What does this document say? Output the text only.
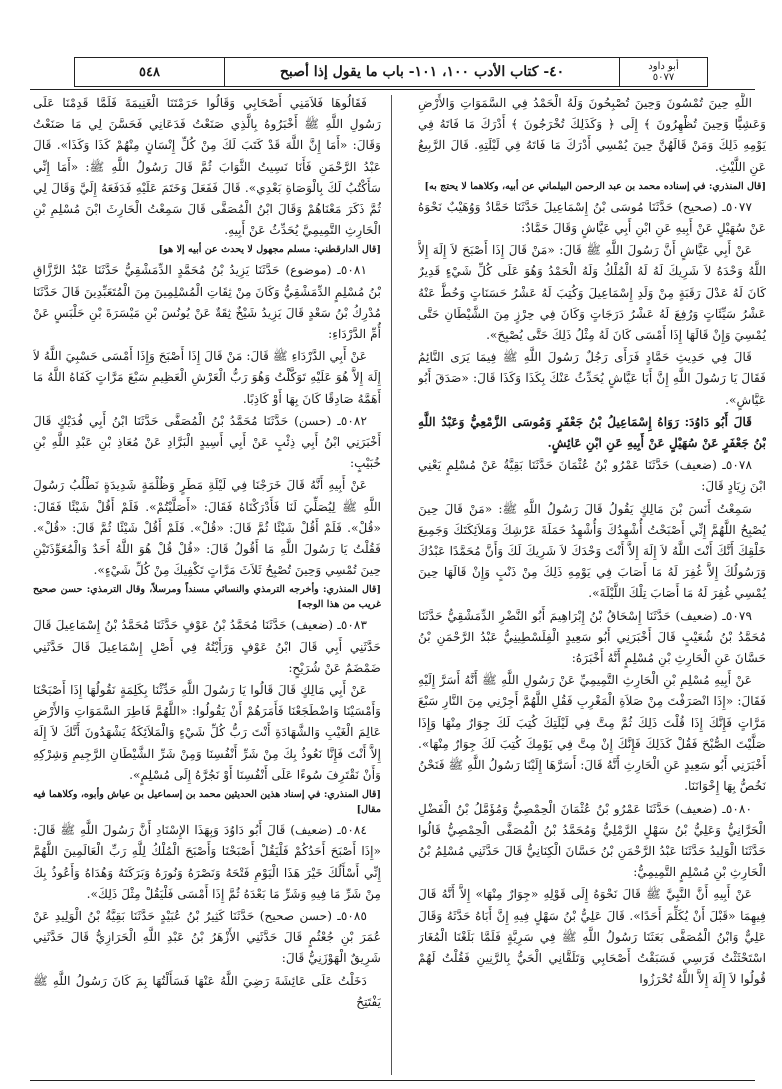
أبو داود
٥٠٧٧
٤٠- كتاب الأدب ١٠٠، ١٠١- باب ما يقول إذا أصبح
٥٤٨

اللَّهِ حِينَ تُمْسُونَ وَحِينَ تُصْبِحُونَ وَلَهُ الْحَمْدُ فِي السَّمَوَاتِ وَالأَرْضِ وَعَشِيًّا وَحِينَ تُظْهِرُونَ ﴾ إِلَى ﴿ وَكَذَلِكَ تُخْرَجُونَ ﴾ أَدْرَكَ مَا فَاتَهُ فِي يَوْمِهِ ذَلِكَ وَمَنْ قَالَهُنَّ حِينَ يُمْسِي أَدْرَكَ مَا فَاتَهُ فِي لَيْلَتِهِ. قَالَ الرَّبِيعُ عَنِ اللَّيْثِ.

[قال المنذري: في إسناده محمد بن عبد الرحمن البيلماني عن أبيه، وكلاهما لا يحتج به]

٥٠٧٧ـ (صحيح) حَدَّثَنَا مُوسَى بْنُ إِسْمَاعِيلَ حَدَّثَنَا حَمَّادٌ وَوُهَيْبٌ نَحْوَهُ عَنْ سُهَيْلٍ عَنْ أَبِيهِ عَنِ ابْنِ أَبِي عَيَّاشٍ وَقَالَ حَمَّادٌ:

عَنْ أَبِي عَيَّاشٍ أَنَّ رَسُولَ اللَّهِ ﷺ قَالَ: «مَنْ قَالَ إِذَا أَصْبَحَ لاَ إِلَهَ إِلاَّ اللَّهُ وَحْدَهُ لاَ شَرِيكَ لَهُ لَهُ الْمُلْكُ وَلَهُ الْحَمْدُ وَهُوَ عَلَى كُلِّ شَيْءٍ قَدِيرٌ كَانَ لَهُ عَدْلَ رَقَبَةٍ مِنْ وَلَدِ إِسْمَاعِيلَ وَكُتِبَ لَهُ عَشْرُ حَسَنَاتٍ وَحُطَّ عَنْهُ عَشْرُ سَيِّئَاتٍ وَرُفِعَ لَهُ عَشْرُ دَرَجَاتٍ وَكَانَ فِي حِرْزٍ مِنَ الشَّيْطَانِ حَتَّى يُمْسِيَ وَإِنْ قَالَهَا إِذَا أَمْسَى كَانَ لَهُ مِثْلُ ذَلِكَ حَتَّى يُصْبِحَ».

قَالَ فِي حَدِيثِ حَمَّادٍ فَرَأَى رَجُلٌ رَسُولَ اللَّهِ ﷺ فِيمَا يَرَى النَّائِمُ فَقَالَ يَا رَسُولَ اللَّهِ إِنَّ أَبَا عَيَّاشٍ يُحَدِّثُ عَنْكَ بِكَذَا وَكَذَا قَالَ: «صَدَقَ أَبُو عَيَّاشٍ».

قَالَ أَبُو دَاوُدَ: رَوَاهُ إِسْمَاعِيلُ بْنُ جَعْفَرٍ وَمُوسَى الزَّمْعِيُّ وَعَبْدُ اللَّهِ بْنُ جَعْفَرٍ عَنْ سُهَيْلٍ عَنْ أَبِيهِ عَنِ ابْنِ عَائِشٍ.

٥٠٧٨ـ (ضعيف) حَدَّثَنَا عَمْرُو بْنُ عُثْمَانَ حَدَّثَنَا بَقِيَّةُ عَنْ مُسْلِمٍ يَعْنِي ابْنَ زِيَادٍ قَالَ:

سَمِعْتُ أَنَسَ بْنَ مَالِكٍ يَقُولُ قَالَ رَسُولُ اللَّهِ ﷺ: «مَنْ قَالَ حِينَ يُصْبِحُ اللَّهُمَّ إِنِّي أَصْبَحْتُ أُشْهِدُكَ وَأُشْهِدُ حَمَلَةَ عَرْشِكَ وَمَلاَئِكَتَكَ وَجَمِيعَ خَلْقِكَ أَنَّكَ أَنْتَ اللَّهُ لاَ إِلَهَ إِلاَّ أَنْتَ وَحْدَكَ لاَ شَرِيكَ لَكَ وَأَنَّ مُحَمَّدًا عَبْدُكَ وَرَسُولُكَ إِلاَّ غُفِرَ لَهُ مَا أَصَابَ فِي يَوْمِهِ ذَلِكَ مِنْ ذَنْبٍ وَإِنْ قَالَهَا حِينَ يُمْسِي غُفِرَ لَهُ مَا أَصَابَ تِلْكَ اللَّيْلَةَ».

٥٠٧٩ـ (ضعيف) حَدَّثَنَا إِسْحَاقُ بْنُ إِبْرَاهِيمَ أَبُو النَّضْرِ الدِّمَشْقِيُّ حَدَّثَنَا مُحَمَّدُ بْنُ شُعَيْبٍ قَالَ أَخْبَرَنِي أَبُو سَعِيدٍ الْفِلَسْطِينِيُّ عَبْدُ الرَّحْمَنِ بْنُ حَسَّانَ عَنِ الْحَارِثِ بْنِ مُسْلِمٍ أَنَّهُ أَخْبَرَهُ:

عَنْ أَبِيهِ مُسْلِمِ بْنِ الْحَارِثِ التَّمِيمِيِّ عَنْ رَسُولِ اللَّهِ ﷺ أَنَّهُ أَسَرَّ إِلَيْهِ فَقَالَ: «إِذَا انْصَرَفْتَ مِنْ صَلاَةِ الْمَغْرِبِ فَقُلِ اللَّهُمَّ أَجِرْنِي مِنَ النَّارِ سَبْعَ مَرَّاتٍ فَإِنَّكَ إِذَا قُلْتَ ذَلِكَ ثُمَّ مِتَّ فِي لَيْلَتِكَ كُتِبَ لَكَ جِوَارٌ مِنْهَا وَإِذَا صَلَّيْتَ الصُّبْحَ فَقُلْ كَذَلِكَ فَإِنَّكَ إِنْ مِتَّ فِي يَوْمِكَ كُتِبَ لَكَ جِوَارٌ مِنْهَا». أَخْبَرَنِي أَبُو سَعِيدٍ عَنِ الْحَارِثِ أَنَّهُ قَالَ: أَسَرَّهَا إِلَيْنَا رَسُولُ اللَّهِ ﷺ فَنَحْنُ نَخُصُّ بِهَا إِخْوَانَنَا.

٥٠٨٠ـ (ضعيف) حَدَّثَنَا عَمْرُو بْنُ عُثْمَانَ الْحِمْصِيُّ وَمُؤَمَّلُ بْنُ الْفَضْلِ الْحَرَّانِيُّ وَعَلِيُّ بْنُ سَهْلٍ الرَّمْلِيُّ وَمُحَمَّدُ بْنُ الْمُصَفَّى الْحِمْصِيُّ قَالُوا حَدَّثَنَا الْوَلِيدُ حَدَّثَنَا عَبْدُ الرَّحْمَنِ بْنُ حَسَّانَ الْكِنَانِيُّ قَالَ حَدَّثَنِي مُسْلِمُ بْنُ الْحَارِثِ بْنِ مُسْلِمٍ التَّمِيمِيُّ:

عَنْ أَبِيهِ أَنَّ النَّبِيَّ ﷺ قَالَ نَحْوَهُ إِلَى قَوْلِهِ «جِوَارٌ مِنْهَا» إِلاَّ أَنَّهُ قَالَ فِيهِمَا «قَبْلَ أَنْ يُكَلِّمَ أَحَدًا». قَالَ عَلِيُّ بْنُ سَهْلٍ فِيهِ إِنَّ أَبَاهُ حَدَّثَهُ وَقَالَ عَلِيٌّ وَابْنُ الْمُصَفَّى بَعَثَنَا رَسُولُ اللَّهِ ﷺ فِي سَرِيَّةٍ فَلَمَّا بَلَغْنَا الْمُغَارَ اسْتَحْثَثْتُ فَرَسِي فَسَبَقْتُ أَصْحَابِي وَتَلَقَّانِي الْحَيُّ بِالرَّنِينِ فَقُلْتُ لَهُمْ قُولُوا لاَ إِلَهَ إِلاَّ اللَّهُ تُحْرَزُوا

فَقَالُوهَا فَلاَمَنِي أَصْحَابِي وَقَالُوا حَرَمْتَنَا الْغَنِيمَةَ فَلَمَّا قَدِمْنَا عَلَى رَسُولِ اللَّهِ ﷺ أَخْبَرُوهُ بِالَّذِي صَنَعْتُ فَدَعَانِي فَحَسَّنَ لِي مَا صَنَعْتُ وَقَالَ: «أَمَا إِنَّ اللَّهَ قَدْ كَتَبَ لَكَ مِنْ كُلِّ إِنْسَانٍ مِنْهُمْ كَذَا وَكَذَا». قَالَ عَبْدُ الرَّحْمَنِ فَأَنَا نَسِيتُ الثَّوَابَ ثُمَّ قَالَ رَسُولُ اللَّهِ ﷺ: «أَمَا إِنِّي سَأَكْتُبُ لَكَ بِالْوَصَاةِ بَعْدِي». قَالَ فَفَعَلَ وَخَتَمَ عَلَيْهِ فَدَفَعَهُ إِلَيَّ وَقَالَ لِي ثُمَّ ذَكَرَ مَعْنَاهُمْ وَقَالَ ابْنُ الْمُصَفَّى قَالَ سَمِعْتُ الْحَارِثَ ابْنَ مُسْلِمِ بْنِ الْحَارِثِ التَّمِيمِيَّ يُحَدِّثُ عَنْ أَبِيهِ.

[قال الدارقطني: مسلم مجهول لا يحدث عن أبيه إلا هو]

٥٠٨١ـ (موضوع) حَدَّثَنَا يَزِيدُ بْنُ مُحَمَّدٍ الدِّمَشْقِيُّ حَدَّثَنَا عَبْدُ الرَّزَّاقِ بْنُ مُسْلِمٍ الدِّمَشْقِيُّ وَكَانَ مِنْ ثِقَاتِ الْمُسْلِمِينَ مِنَ الْمُتَعَبِّدِينَ قَالَ حَدَّثَنَا مُدْرِكُ بْنُ سَعْدٍ قَالَ يَزِيدُ شَيْخٌ ثِقَةٌ عَنْ يُونُسَ بْنِ مَيْسَرَةَ بْنِ حَلْبَسٍ عَنْ أُمِّ الدَّرْدَاءِ:

عَنْ أَبِي الدَّرْدَاءِ ﷺ قَالَ: مَنْ قَالَ إِذَا أَصْبَحَ وَإِذَا أَمْسَى حَسْبِيَ اللَّهُ لاَ إِلَهَ إِلاَّ هُوَ عَلَيْهِ تَوَكَّلْتُ وَهُوَ رَبُّ الْعَرْشِ الْعَظِيمِ سَبْعَ مَرَّاتٍ كَفَاهُ اللَّهُ مَا أَهَمَّهُ صَادِقًا كَانَ بِهَا أَوْ كَاذِبًا.

٥٠٨٢ـ (حسن) حَدَّثَنَا مُحَمَّدُ بْنُ الْمُصَفَّى حَدَّثَنَا ابْنُ أَبِي فُدَيْكٍ قَالَ أَخْبَرَنِي ابْنُ أَبِي ذِئْبٍ عَنْ أَبِي أَسِيدٍ الْبَرَّادِ عَنْ مُعَاذِ بْنِ عَبْدِ اللَّهِ بْنِ خُبَيْبٍ:

عَنْ أَبِيهِ أَنَّهُ قَالَ خَرَجْنَا فِي لَيْلَةِ مَطَرٍ وَظُلْمَةٍ شَدِيدَةٍ نَطْلُبُ رَسُولَ اللَّهِ ﷺ لِيُصَلِّيَ لَنَا فَأَدْرَكْنَاهُ فَقَالَ: «أَصَلَّيْتُمْ». فَلَمْ أَقُلْ شَيْئًا فَقَالَ: «قُلْ». فَلَمْ أَقُلْ شَيْئًا ثُمَّ قَالَ: «قُلْ». فَلَمْ أَقُلْ شَيْئًا ثُمَّ قَالَ: «قُلْ». فَقُلْتُ يَا رَسُولَ اللَّهِ مَا أَقُولُ قَالَ: «قُلْ قُلْ هُوَ اللَّهُ أَحَدٌ وَالْمُعَوِّذَتَيْنِ حِينَ تُمْسِي وَحِينَ تُصْبِحُ ثَلاَثَ مَرَّاتٍ تَكْفِيكَ مِنْ كُلِّ شَيْءٍ».

[قال المنذري: وأخرجه الترمذي والنسائي مسنداً ومرسلاً، وقال الترمذي: حسن صحيح غريب من هذا الوجه]

٥٠٨٣ـ (ضعيف) حَدَّثَنَا مُحَمَّدُ بْنُ عَوْفٍ حَدَّثَنَا مُحَمَّدُ بْنُ إِسْمَاعِيلَ قَالَ حَدَّثَنِي أَبِي قَالَ ابْنُ عَوْفٍ وَرَأَيْتُهُ فِي أَصْلِ إِسْمَاعِيلَ قَالَ حَدَّثَنِي ضَمْضَمٌ عَنْ شُرَيْحٍ:

عَنْ أَبِي مَالِكٍ قَالَ قَالُوا يَا رَسُولَ اللَّهِ حَدِّثْنَا بِكَلِمَةٍ نَقُولُهَا إِذَا أَصْبَحْنَا وَأَمْسَيْنَا وَاضْطَجَعْنَا فَأَمَرَهُمْ أَنْ يَقُولُوا: «اللَّهُمَّ فَاطِرَ السَّمَوَاتِ وَالأَرْضِ عَالِمَ الْغَيْبِ وَالشَّهَادَةِ أَنْتَ رَبُّ كُلِّ شَيْءٍ وَالْمَلاَئِكَةُ يَشْهَدُونَ أَنَّكَ لاَ إِلَهَ إِلاَّ أَنْتَ فَإِنَّا نَعُوذُ بِكَ مِنْ شَرِّ أَنْفُسِنَا وَمِنْ شَرِّ الشَّيْطَانِ الرَّجِيمِ وَشِرْكِهِ وَأَنْ نَقْتَرِفَ سُوءًا عَلَى أَنْفُسِنَا أَوْ نَجُرَّهُ إِلَى مُسْلِمٍ».

[قال المنذري: في إسناد هذين الحديثين محمد بن إسماعيل بن عياش وأبوه، وكلاهما فيه مقال]

٥٠٨٤ـ (ضعيف) قَالَ أَبُو دَاوُدَ وَبِهَذَا الإِسْنَادِ أَنَّ رَسُولَ اللَّهِ ﷺ قَالَ: «إِذَا أَصْبَحَ أَحَدُكُمْ فَلْيَقُلْ أَصْبَحْنَا وَأَصْبَحَ الْمُلْكُ لِلَّهِ رَبِّ الْعَالَمِينَ اللَّهُمَّ إِنِّي أَسْأَلُكَ خَيْرَ هَذَا الْيَوْمِ فَتْحَهُ وَنَصْرَهُ وَنُورَهُ وَبَرَكَتَهُ وَهُدَاهُ وَأَعُوذُ بِكَ مِنْ شَرِّ مَا فِيهِ وَشَرِّ مَا بَعْدَهُ ثُمَّ إِذَا أَمْسَى فَلْيَقُلْ مِثْلَ ذَلِكَ».

٥٠٨٥ـ (حسن صحيح) حَدَّثَنَا كَثِيرُ بْنُ عُبَيْدٍ حَدَّثَنَا بَقِيَّةُ بْنُ الْوَلِيدِ عَنْ عُمَرَ بْنِ جُعْثُمٍ قَالَ حَدَّثَنِي الأَزْهَرُ بْنُ عَبْدِ اللَّهِ الْحَرَازِيُّ قَالَ حَدَّثَنِي شَرِيقٌ الْهَوْزَنِيُّ قَالَ:

دَخَلْتُ عَلَى عَائِشَةَ رَضِيَ اللَّهُ عَنْهَا فَسَأَلْتُهَا بِمَ كَانَ رَسُولُ اللَّهِ ﷺ يَفْتَتِحُ
